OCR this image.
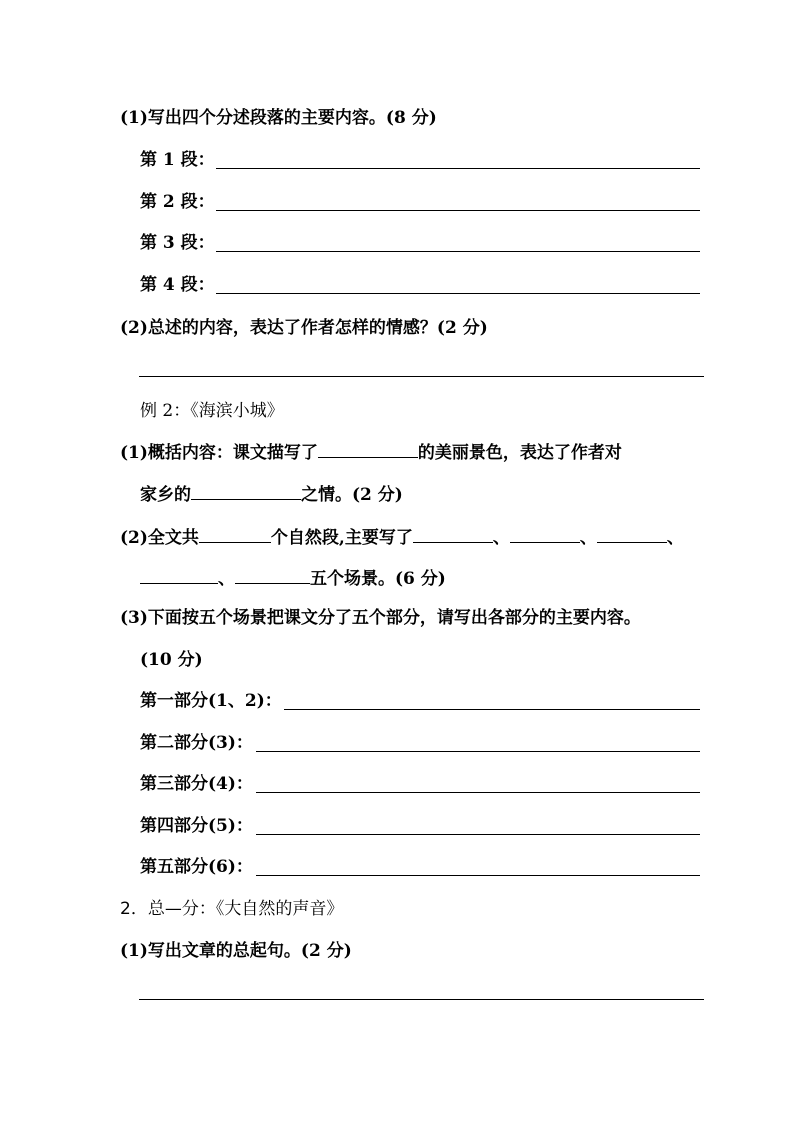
(1)写出四个分述段落的主要内容。(8 分)
第 1 段：
第 2 段：
第 3 段：
第 4 段：
(2)总述的内容，表达了作者怎样的情感？(2 分)
例 2：《海滨小城》
(1)概括内容：课文描写了	的美丽景色，表达了作者对
家乡的	之情。(2 分)
(2)全文共	个自然段,主要写了	、	、	、
、	五个场景。(6 分)
(3)下面按五个场景把课文分了五个部分，请写出各部分的主要内容。
(10 分)
第一部分(1、2)：
第二部分(3)：
第三部分(4)：
第四部分(5)：
第五部分(6)：
2．总—分：《大自然的声音》
(1)写出文章的总起句。(2 分)
